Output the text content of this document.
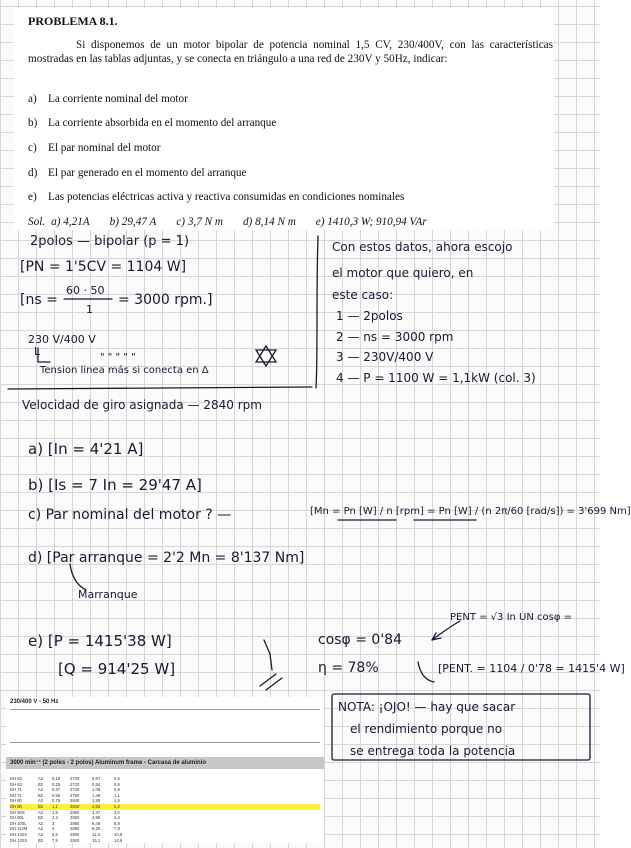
PROBLEMA 8.1.
Si disponemos de un motor bipolar de potencia nominal 1,5 CV, 230/400V, con las características mostradas en las tablas adjuntas, y se conecta en triángulo a una red de 230V y 50Hz, indicar:
a) La corriente nominal del motor
b) La corriente absorbida en el momento del arranque
c) El par nominal del motor
d) El par generado en el momento del arranque
e) Las potencias eléctricas activa y reactiva consumidas en condiciones nominales
Sol. a) 4,21A b) 29,47 A c) 3,7 N m d) 8,14 N m e) 1410,3 W; 910,94 VAr
2polos — bipolar (p = 1)
[PN = 1'5CV = 1104 W]
[ns =
60 · 50
1
= 3000 rpm.]
230 V/400 V
L	" " " " "
Tension linea más si conecta en Δ
Con estos datos, ahora escojo
el motor que quiero, en
este caso:
1 — 2polos
2 — ns = 3000 rpm
3 — 230V/400 V
4 — P = 1100 W = 1,1kW (col. 3)
Velocidad de giro asignada — 2840 rpm
a) [In = 4'21 A]
b) [Is = 7 In = 29'47 A]
c) Par nominal del motor ? —	[Mn = Pn [W] / n [rpm] = Pn [W] / (n 2π/60 [rad/s]) = 3'699 Nm]
d) [Par arranque = 2'2 Mn = 8'137 Nm]
Marranque
e) [P = 1415'38 W]
[Q = 914'25 W]
cosφ = 0'84
η = 78%
PENT = √3 In UN cosφ =
[PENT. = 1104 / 0'78 = 1415'4 W]
NOTA: ¡OJO! — hay que sacar
el rendimiento porque no
se entrega toda la potencia
230/400 V - 50 Hz
3000 min⁻¹ (2 poles - 2 polos) Aluminum frame - Carcasa de aluminio
DH 63	A2	0,18	2720	0,67	0,5
DH 63	B2	0,25	2720	0,84	0,6
DH 71	A2	0,37	2740	1,08	0,8
DH 71	B2	0,55	2750	1,49	1,1
DH 80	A2	0,75	2840	1,89	1,5
DH 80	B2	1,1	2840	2,63	2,2
DH 90S	A2	1,5	2860	3,47	3,0
DH 90L	B2	2,2	2850	4,96	4,4
DH 100L	A2	3	2880	6,48	5,9
DH 112M	A2	4	2890	8,30	7,8
DH 132S	A2	5,5	2900	11,3	10,8
DH 132S	B2	7,5	2920	15,1	14,6
